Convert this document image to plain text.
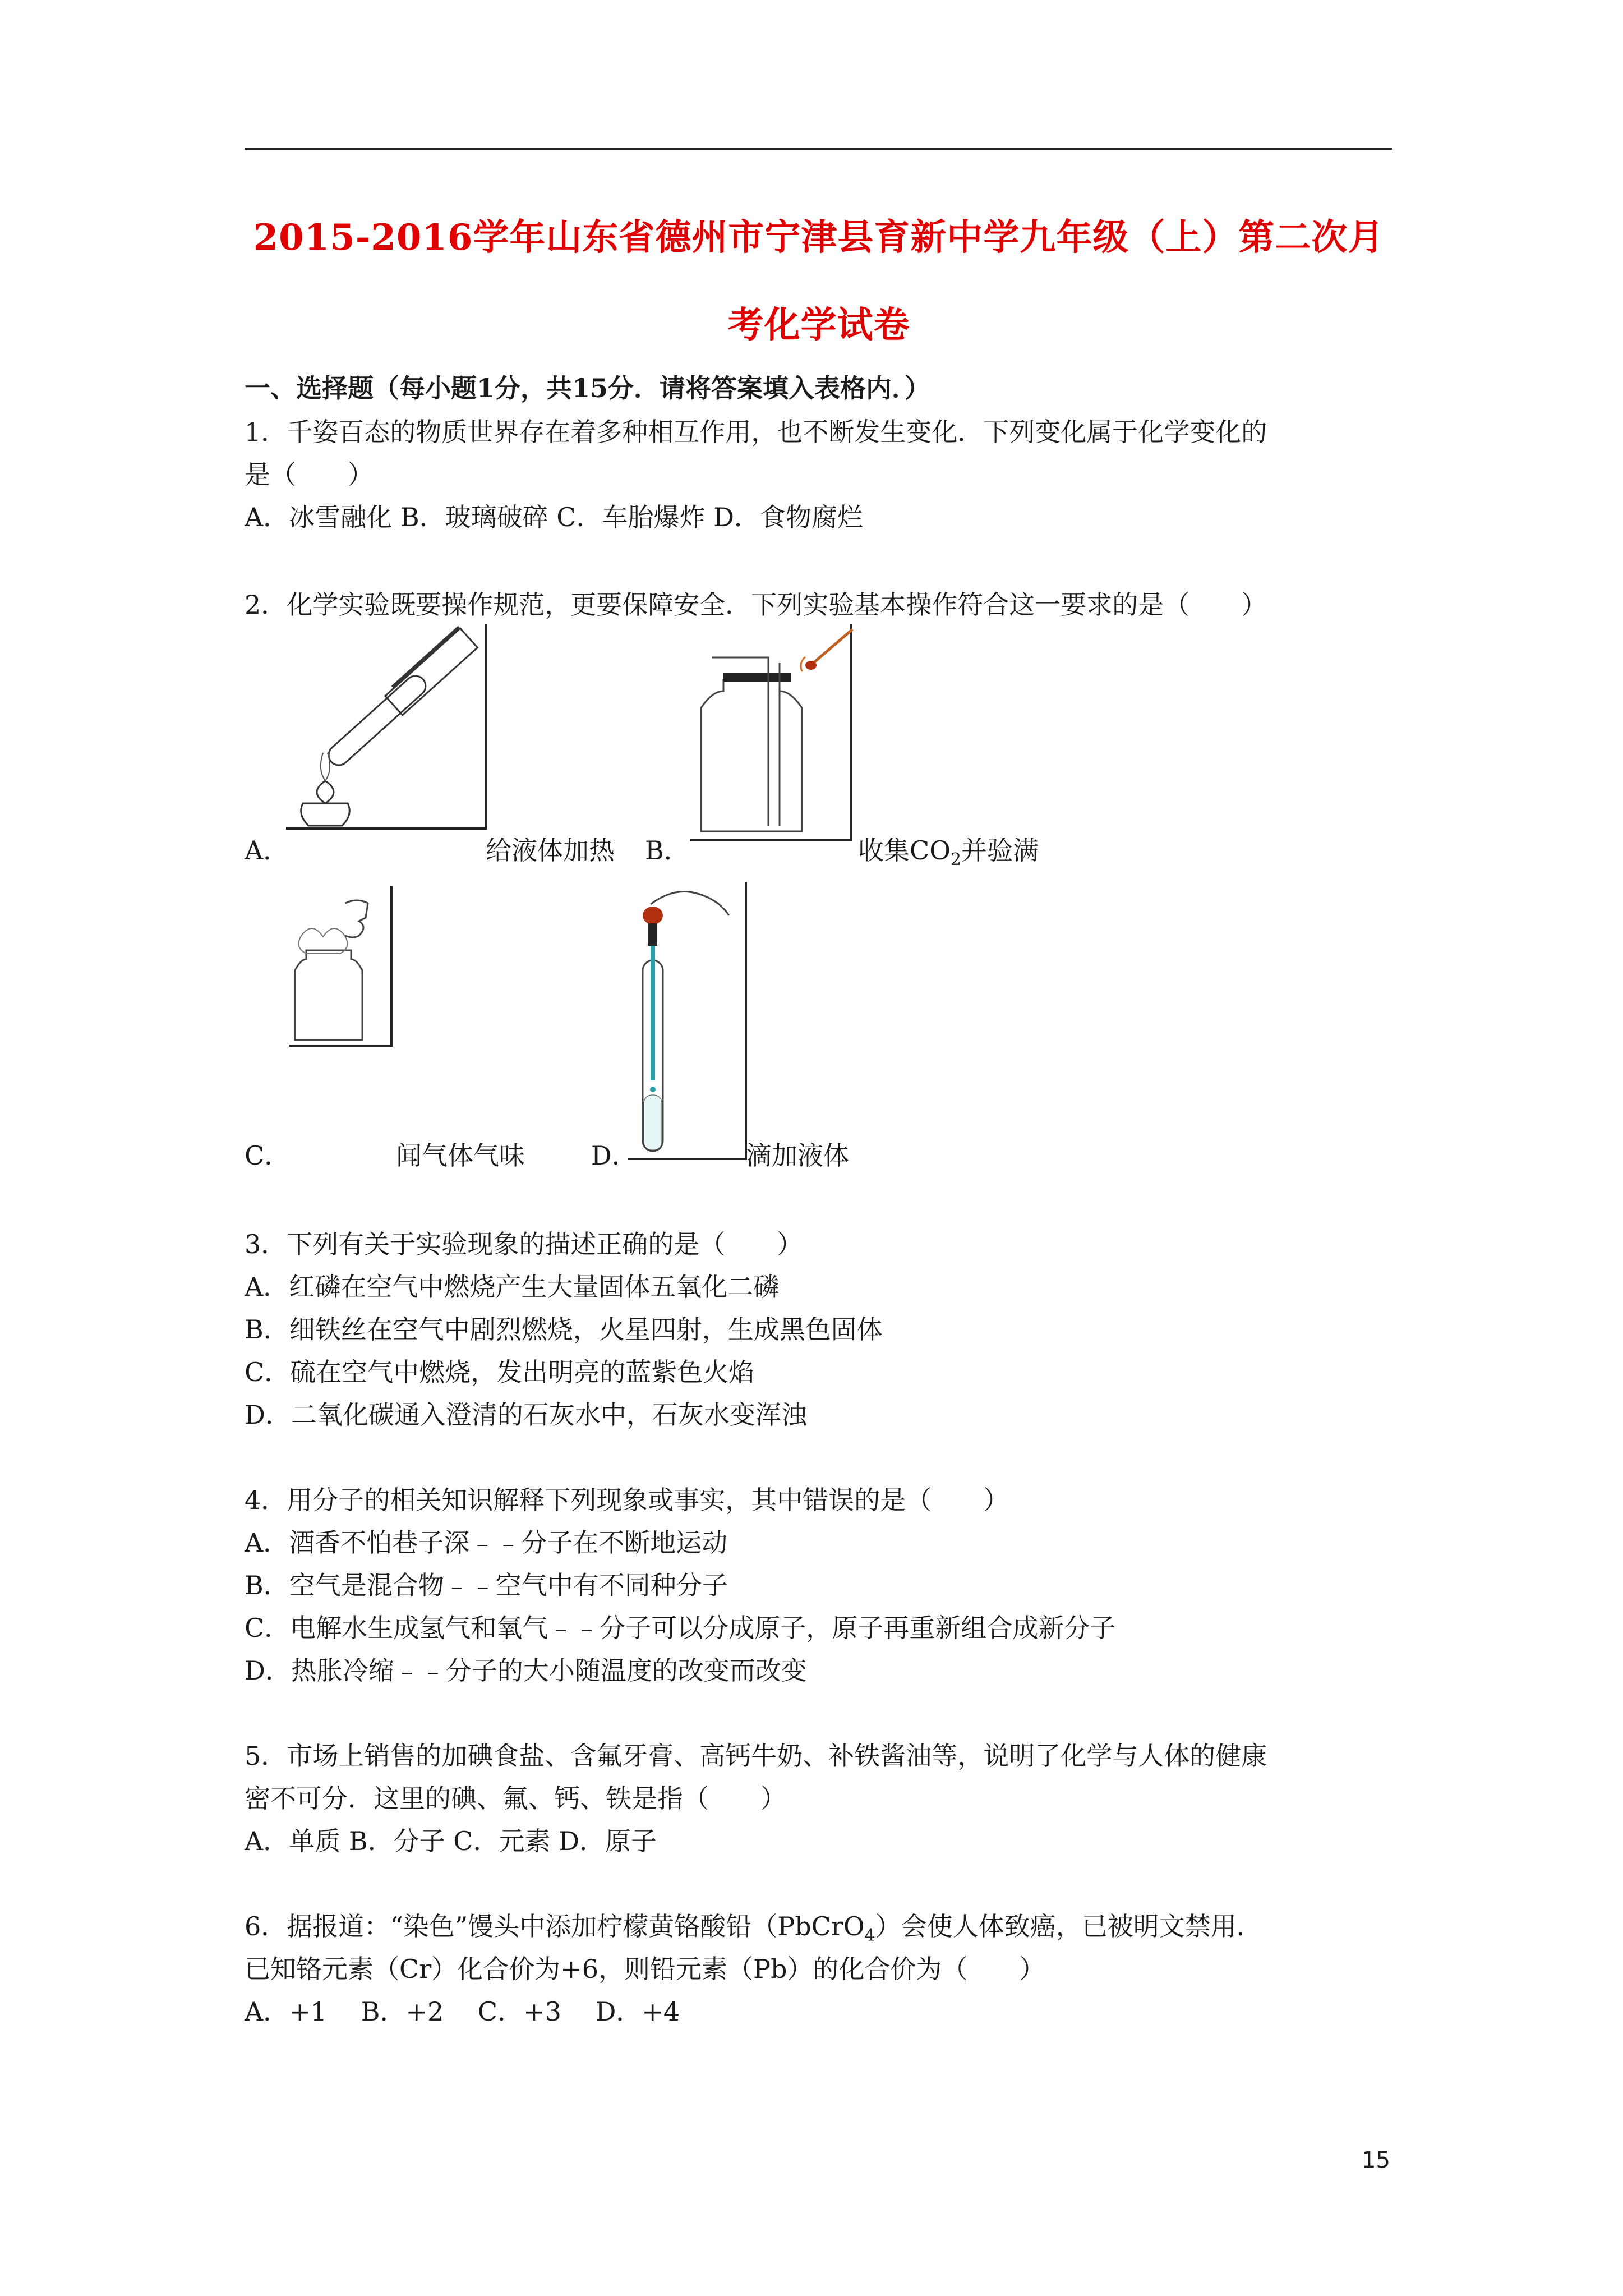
2015-2016学年山东省德州市宁津县育新中学九年级（上）第二次月
考化学试卷
一、选择题（每小题1分，共15分．请将答案填入表格内．）
1．千姿百态的物质世界存在着多种相互作用，也不断发生变化．下列变化属于化学变化的
是（　　）
A．冰雪融化 B．玻璃破碎 C．车胎爆炸 D．食物腐烂
2．化学实验既要操作规范，更要保障安全．下列实验基本操作符合这一要求的是（　　）
A．	给液体加热 B．	收集$CO_2$并验满
C．	闻气体气味	D．	滴加液体
3．下列有关于实验现象的描述正确的是（　　）
A．红磷在空气中燃烧产生大量固体五氧化二磷
B．细铁丝在空气中剧烈燃烧，火星四射，生成黑色固体
C．硫在空气中燃烧，发出明亮的蓝紫色火焰
D．二氧化碳通入澄清的石灰水中，石灰水变浑浊
4．用分子的相关知识解释下列现象或事实，其中错误的是（　　）
A．酒香不怕巷子深﹣﹣分子在不断地运动
B．空气是混合物﹣﹣空气中有不同种分子
C．电解水生成氢气和氧气﹣﹣分子可以分成原子，原子再重新组合成新分子
D．热胀冷缩﹣﹣分子的大小随温度的改变而改变
5．市场上销售的加碘食盐、含氟牙膏、高钙牛奶、补铁酱油等，说明了化学与人体的健康
密不可分．这里的碘、氟、钙、铁是指（　　）
A．单质 B．分子 C．元素 D．原子
6．据报道：“染色”馒头中添加柠檬黄铬酸铅（PbCrO$_4$）会使人体致癌，已被明文禁用．
已知铬元素（Cr）化合价为+6，则铅元素（Pb）的化合价为（　　）
A．+1　 B．+2　 C．+3　 D．+4
15
